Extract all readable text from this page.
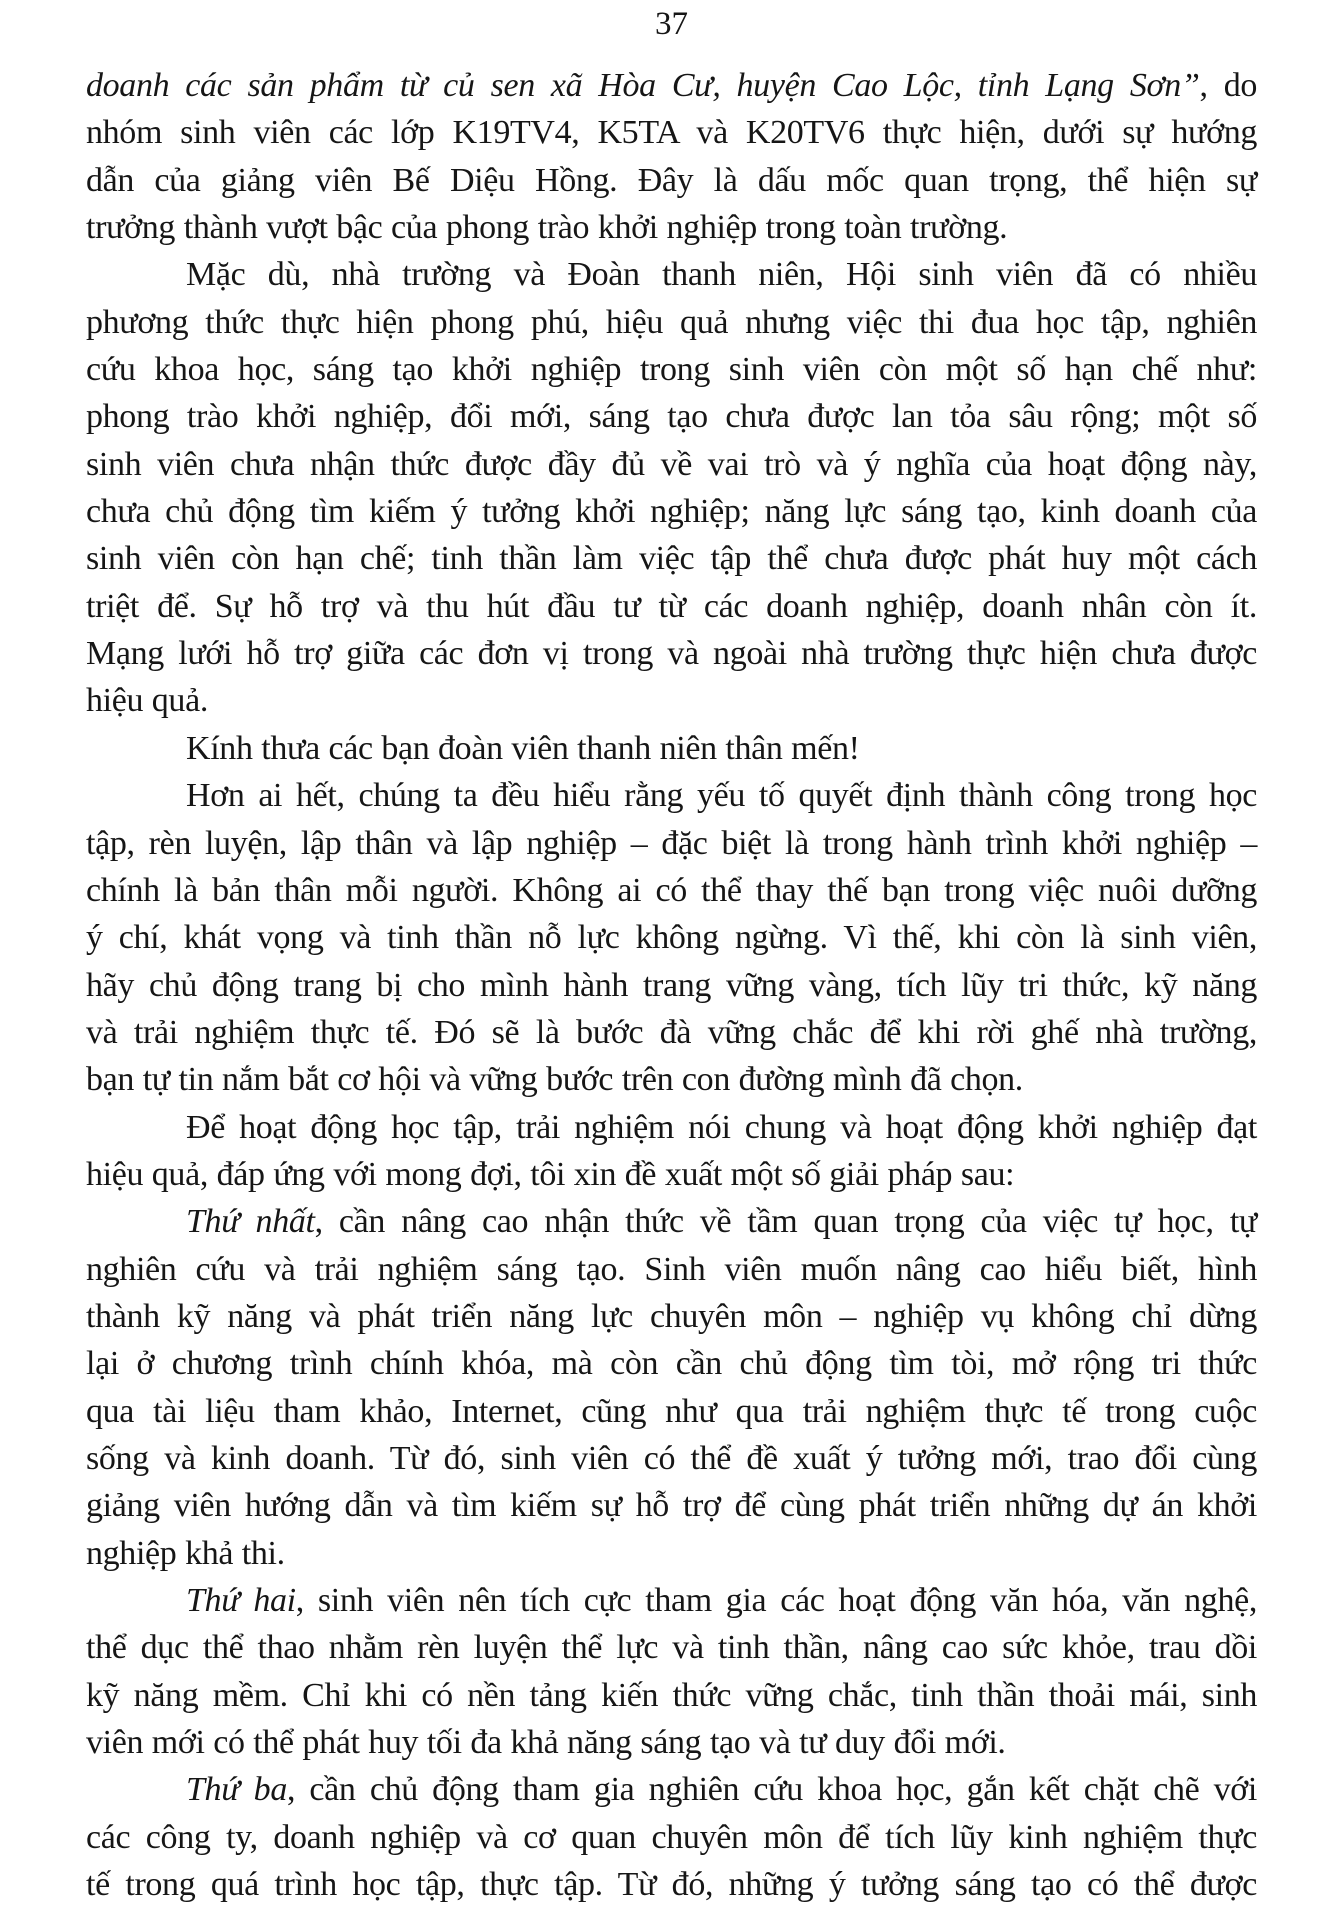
37
doanh các sản phẩm từ củ sen xã Hòa Cư, huyện Cao Lộc, tỉnh Lạng Sơn”, do
nhóm sinh viên các lớp K19TV4, K5TA và K20TV6 thực hiện, dưới sự hướng
dẫn của giảng viên Bế Diệu Hồng. Đây là dấu mốc quan trọng, thể hiện sự
trưởng thành vượt bậc của phong trào khởi nghiệp trong toàn trường.
Mặc dù, nhà trường và Đoàn thanh niên, Hội sinh viên đã có nhiều
phương thức thực hiện phong phú, hiệu quả nhưng việc thi đua học tập, nghiên
cứu khoa học, sáng tạo khởi nghiệp trong sinh viên còn một số hạn chế như:
phong trào khởi nghiệp, đổi mới, sáng tạo chưa được lan tỏa sâu rộng; một số
sinh viên chưa nhận thức được đầy đủ về vai trò và ý nghĩa của hoạt động này,
chưa chủ động tìm kiếm ý tưởng khởi nghiệp; năng lực sáng tạo, kinh doanh của
sinh viên còn hạn chế; tinh thần làm việc tập thể chưa được phát huy một cách
triệt để. Sự hỗ trợ và thu hút đầu tư từ các doanh nghiệp, doanh nhân còn ít.
Mạng lưới hỗ trợ giữa các đơn vị trong và ngoài nhà trường thực hiện chưa được
hiệu quả.
Kính thưa các bạn đoàn viên thanh niên thân mến!
Hơn ai hết, chúng ta đều hiểu rằng yếu tố quyết định thành công trong học
tập, rèn luyện, lập thân và lập nghiệp – đặc biệt là trong hành trình khởi nghiệp –
chính là bản thân mỗi người. Không ai có thể thay thế bạn trong việc nuôi dưỡng
ý chí, khát vọng và tinh thần nỗ lực không ngừng. Vì thế, khi còn là sinh viên,
hãy chủ động trang bị cho mình hành trang vững vàng, tích lũy tri thức, kỹ năng
và trải nghiệm thực tế. Đó sẽ là bước đà vững chắc để khi rời ghế nhà trường,
bạn tự tin nắm bắt cơ hội và vững bước trên con đường mình đã chọn.
Để hoạt động học tập, trải nghiệm nói chung và hoạt động khởi nghiệp đạt
hiệu quả, đáp ứng với mong đợi, tôi xin đề xuất một số giải pháp sau:
Thứ nhất, cần nâng cao nhận thức về tầm quan trọng của việc tự học, tự
nghiên cứu và trải nghiệm sáng tạo. Sinh viên muốn nâng cao hiểu biết, hình
thành kỹ năng và phát triển năng lực chuyên môn – nghiệp vụ không chỉ dừng
lại ở chương trình chính khóa, mà còn cần chủ động tìm tòi, mở rộng tri thức
qua tài liệu tham khảo, Internet, cũng như qua trải nghiệm thực tế trong cuộc
sống và kinh doanh. Từ đó, sinh viên có thể đề xuất ý tưởng mới, trao đổi cùng
giảng viên hướng dẫn và tìm kiếm sự hỗ trợ để cùng phát triển những dự án khởi
nghiệp khả thi.
Thứ hai, sinh viên nên tích cực tham gia các hoạt động văn hóa, văn nghệ,
thể dục thể thao nhằm rèn luyện thể lực và tinh thần, nâng cao sức khỏe, trau dồi
kỹ năng mềm. Chỉ khi có nền tảng kiến thức vững chắc, tinh thần thoải mái, sinh
viên mới có thể phát huy tối đa khả năng sáng tạo và tư duy đổi mới.
Thứ ba, cần chủ động tham gia nghiên cứu khoa học, gắn kết chặt chẽ với
các công ty, doanh nghiệp và cơ quan chuyên môn để tích lũy kinh nghiệm thực
tế trong quá trình học tập, thực tập. Từ đó, những ý tưởng sáng tạo có thể được
